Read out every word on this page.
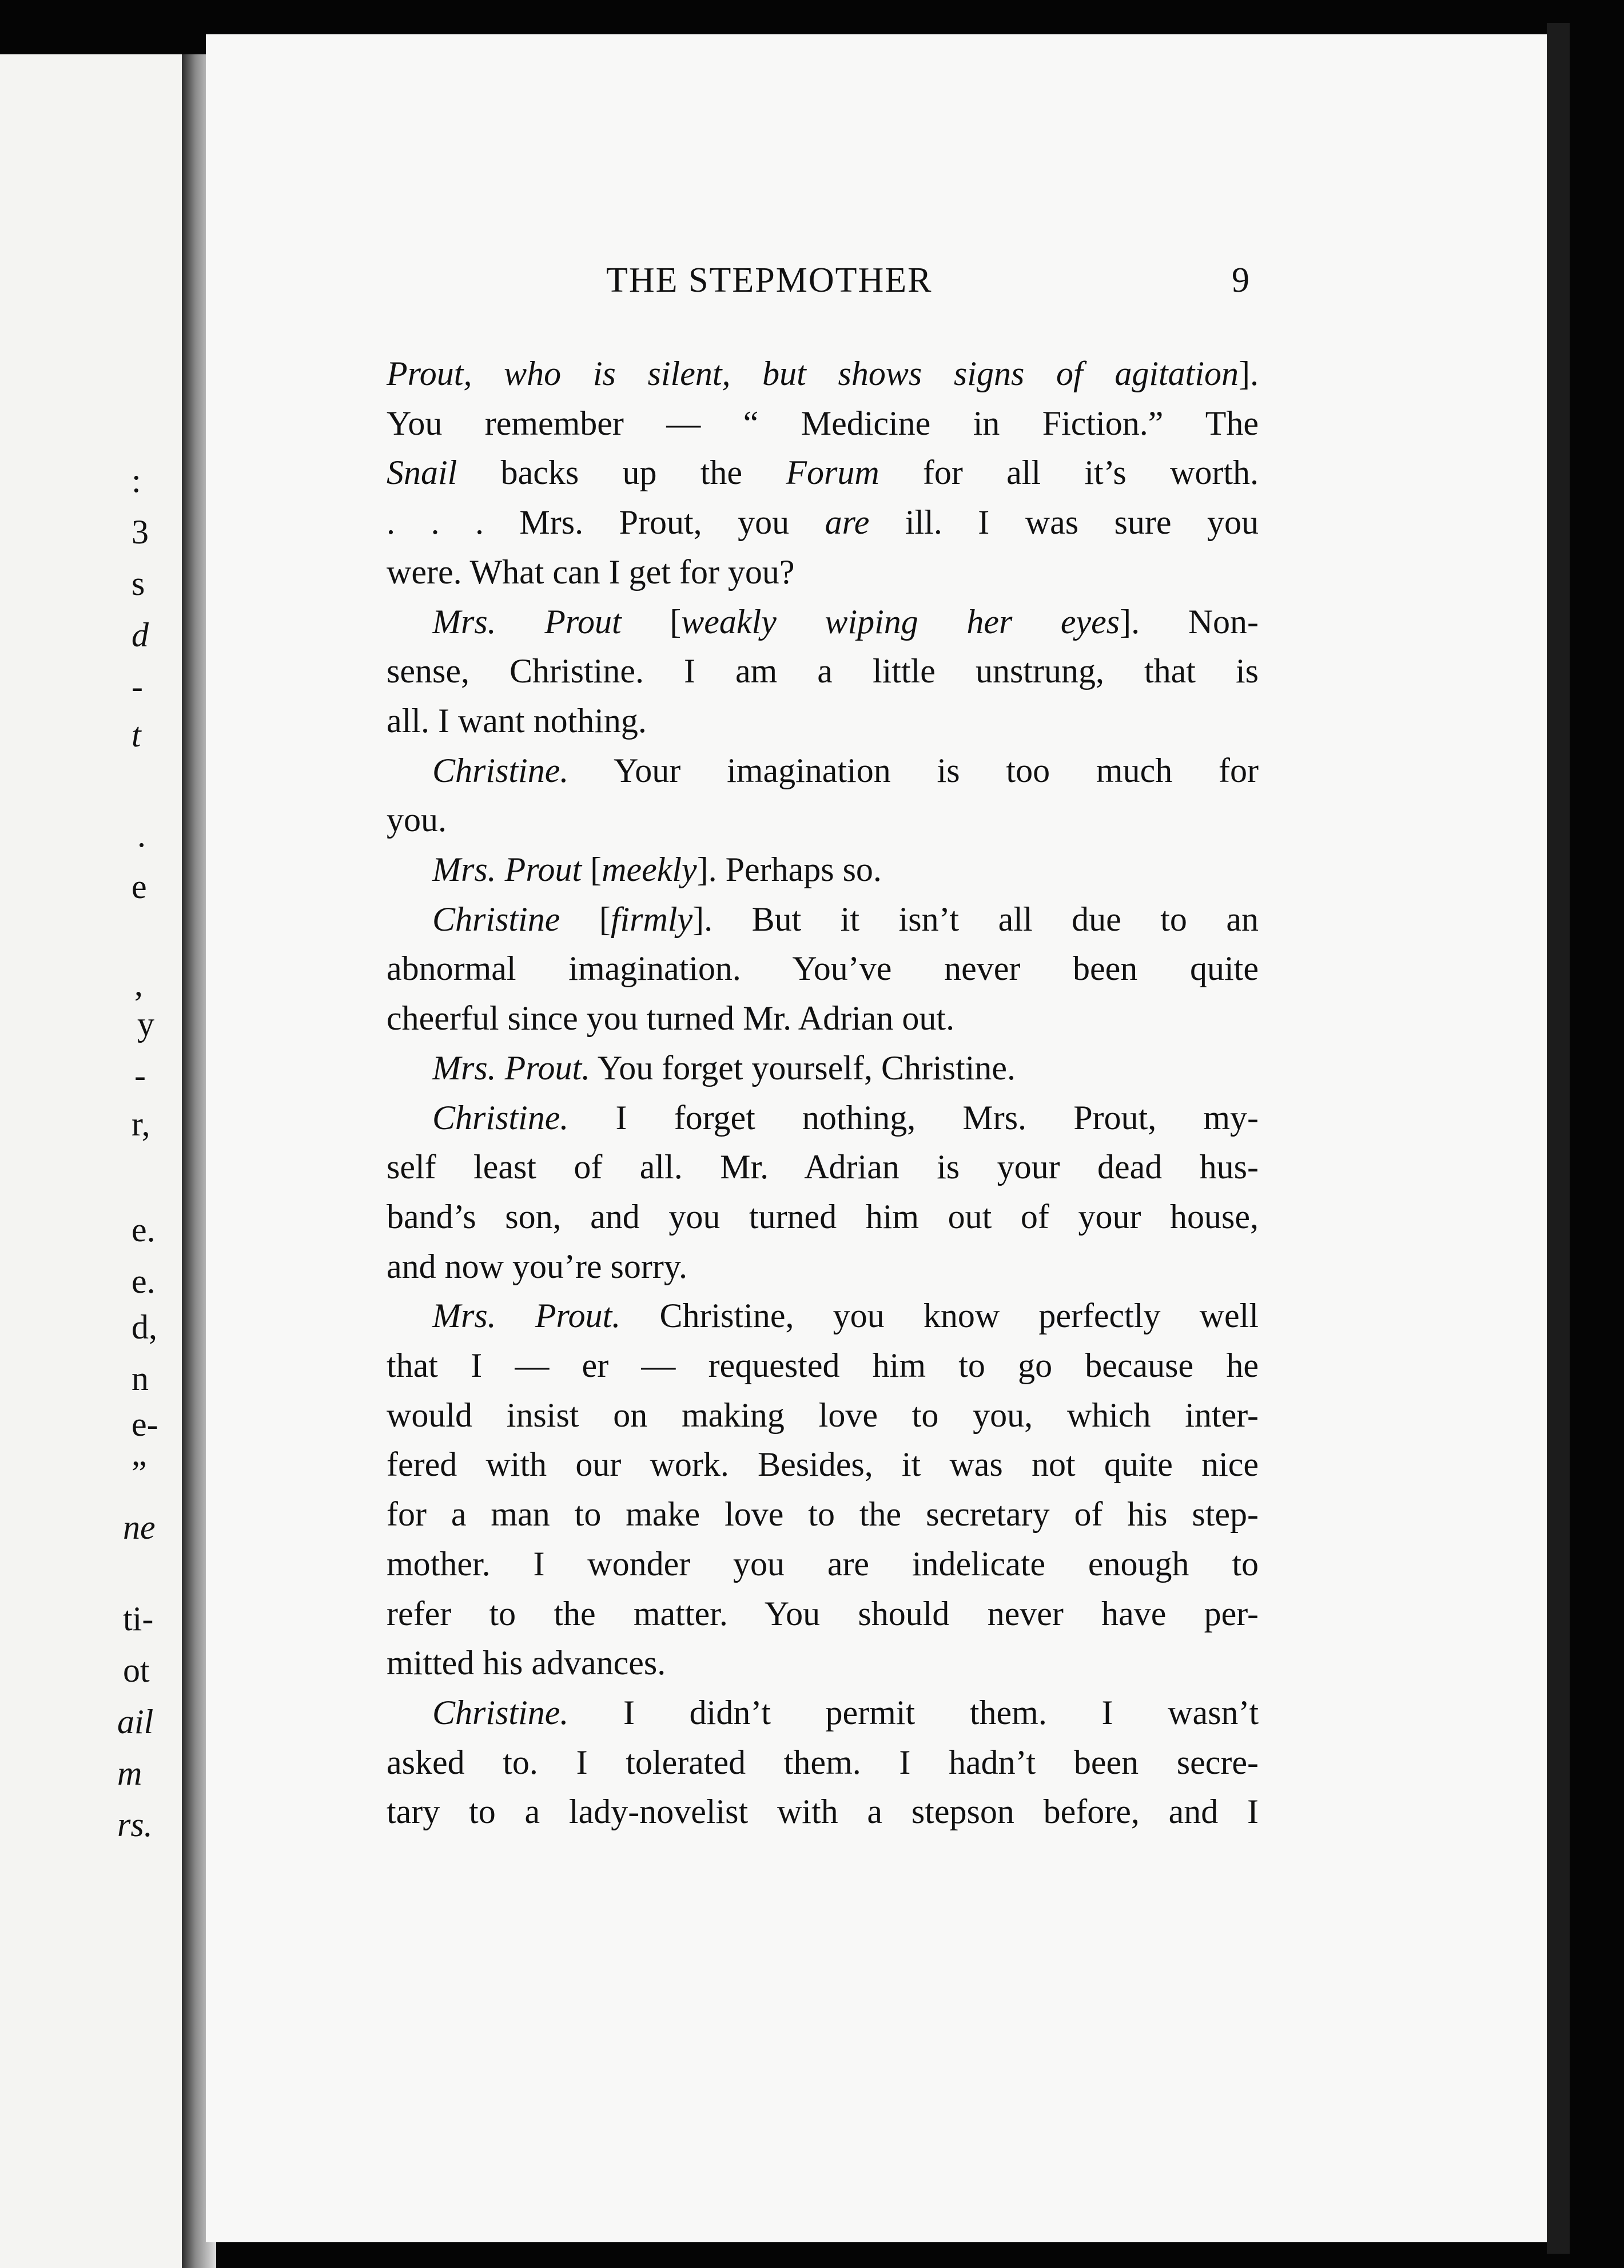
:
3
s
d
-
t
.
e
,
y
-
r,
e.
e.
d,
n
e-
”
ne
ti-
ot
ail
m
rs.
THE STEPMOTHER	9
Prout, who is silent, but shows signs of agitation].
You remember — “ Medicine in Fiction.” The
Snail backs up the Forum for all it’s worth.
. . . Mrs. Prout, you are ill. I was sure you
were. What can I get for you?
Mrs. Prout [weakly wiping her eyes]. Non-
sense, Christine. I am a little unstrung, that is
all. I want nothing.
Christine. Your imagination is too much for
you.
Mrs. Prout [meekly]. Perhaps so.
Christine [firmly]. But it isn’t all due to an
abnormal imagination. You’ve never been quite
cheerful since you turned Mr. Adrian out.
Mrs. Prout. You forget yourself, Christine.
Christine. I forget nothing, Mrs. Prout, my-
self least of all. Mr. Adrian is your dead hus-
band’s son, and you turned him out of your house,
and now you’re sorry.
Mrs. Prout. Christine, you know perfectly well
that I — er — requested him to go because he
would insist on making love to you, which inter-
fered with our work. Besides, it was not quite nice
for a man to make love to the secretary of his step-
mother. I wonder you are indelicate enough to
refer to the matter. You should never have per-
mitted his advances.
Christine. I didn’t permit them. I wasn’t
asked to. I tolerated them. I hadn’t been secre-
tary to a lady-novelist with a stepson before, and I
